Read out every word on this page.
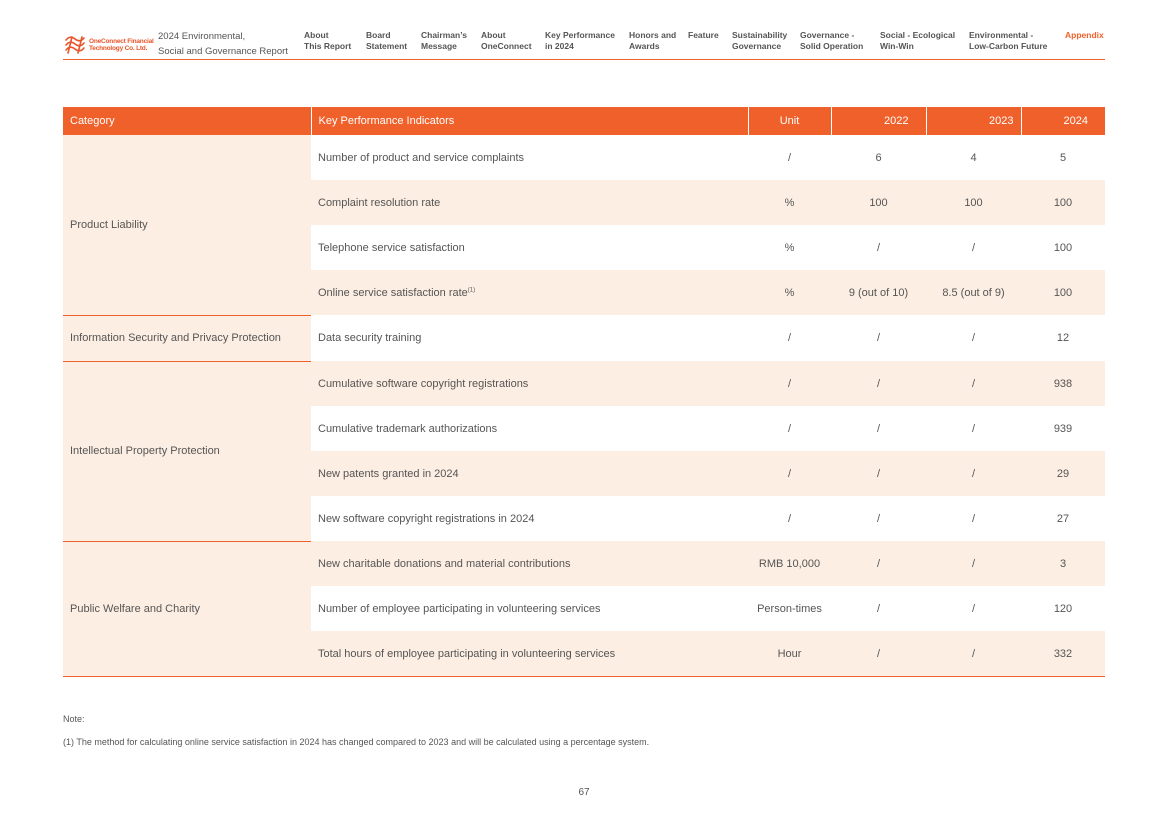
OneConnect Financial
Technology Co. Ltd.
2024 Environmental,
Social and Governance Report
About
This Report
Board
Statement
Chairman’s
Message
About
OneConnect
Key Performance
in 2024
Honors and
Awards
Feature Sustainability
Governance
Governance -
Solid Operation
Social - Ecological
Win-Win
Environmental -
Low-Carbon Future
Appendix
Category	Key Performance Indicators	Unit	2022	2023	2024
Product Liability	Number of product and service complaints	/	6	4	5
	Complaint resolution rate	%	100	100	100
	Telephone service satisfaction	%	/	/	100
	Online service satisfaction rate$^{(1)}$	%	9 (out of 10)	8.5 (out of 9)	100
Information Security and Privacy Protection	Data security training	/	/	/	12
Intellectual Property Protection	Cumulative software copyright registrations	/	/	/	938
	Cumulative trademark authorizations	/	/	/	939
	New patents granted in 2024	/	/	/	29
	New software copyright registrations in 2024	/	/	/	27
Public Welfare and Charity	New charitable donations and material contributions	RMB 10,000	/	/	3
	Number of employee participating in volunteering services	Person-times	/	/	120
	Total hours of employee participating in volunteering services	Hour	/	/	332
Note:
(1) The method for calculating online service satisfaction in 2024 has changed compared to 2023 and will be calculated using a percentage system.
67
